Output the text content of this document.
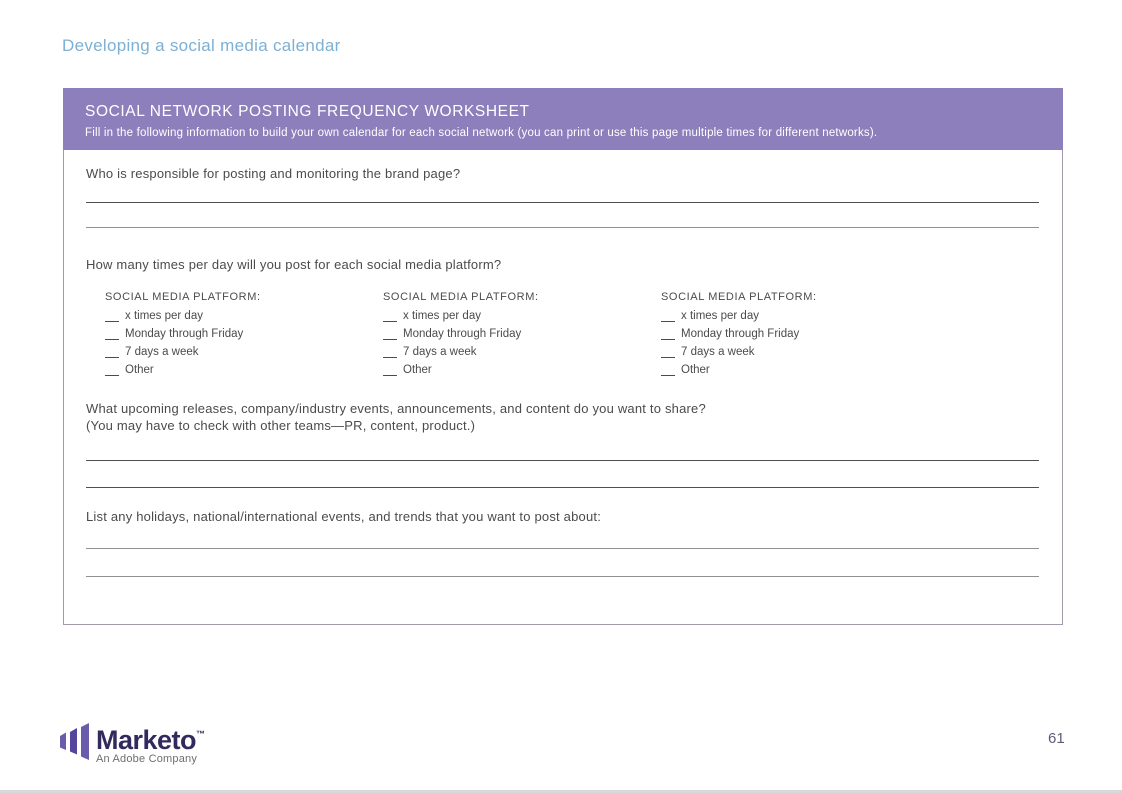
Developing a social media calendar
SOCIAL NETWORK POSTING FREQUENCY WORKSHEET
Fill in the following information to build your own calendar for each social network (you can print or use this page multiple times for different networks).
Who is responsible for posting and monitoring the brand page?
How many times per day will you post for each social media platform?
SOCIAL MEDIA PLATFORM:
x times per day
Monday through Friday
7 days a week
Other
SOCIAL MEDIA PLATFORM:
x times per day
Monday through Friday
7 days a week
Other
SOCIAL MEDIA PLATFORM:
x times per day
Monday through Friday
7 days a week
Other
What upcoming releases, company/industry events, announcements, and content do you want to share?
(You may have to check with other teams—PR, content, product.)
List any holidays, national/international events, and trends that you want to post about:
Marketo™
An Adobe Company
61
